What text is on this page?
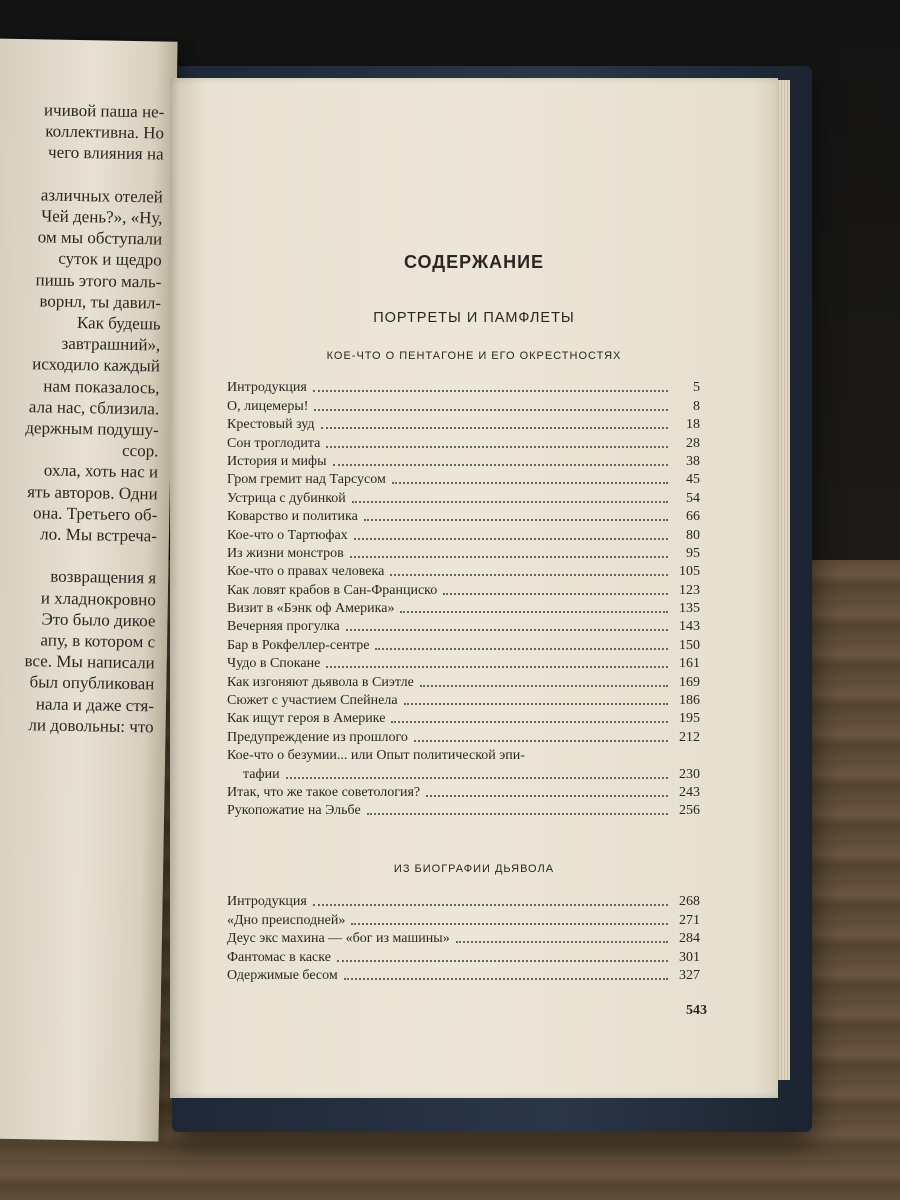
ичивой паша не-
коллективна. Но
чего влияния на

азличных отелей
Чей день?», «Ну,
ом мы обступали
суток и щедро
пишь этого маль-
ворнл, ты давил-
Как будешь
завтрашний»,
исходило каждый
нам показалось,
ала нас, сблизила.
держным подушу-
ссор.
охла, хоть нас и
ять авторов. Одни
она. Третьего об-
ло. Мы встреча-

возвращения я
и хладнокровно
Это было дикое
апу, в котором с
все. Мы написали
был опубликован
нала и даже стя-
ли довольны: что
СОДЕРЖАНИЕ
ПОРТРЕТЫ И ПАМФЛЕТЫ
КОЕ-ЧТО О ПЕНТАГОНЕ И ЕГО ОКРЕСТНОСТЯХ
Интродукция	5
О, лицемеры!	8
Крестовый зуд	18
Сон троглодита	28
История и мифы	38
Гром гремит над Тарсусом	45
Устрица с дубинкой	54
Коварство и политика	66
Кое-что о Тартюфах	80
Из жизни монстров	95
Кое-что о правах человека	105
Как ловят крабов в Сан-Франциско	123
Визит в «Бэнк оф Америка»	135
Вечерняя прогулка	143
Бар в Рокфеллер-сентре	150
Чудо в Спокане	161
Как изгоняют дьявола в Сиэтле	169
Сюжет с участием Спейнела	186
Как ищут героя в Америке	195
Предупреждение из прошлого	212
Кое-что о безумии... или Опыт политической эпи-
тафии	230
Итак, что же такое советология?	243
Рукопожатие на Эльбе	256
ИЗ БИОГРАФИИ ДЬЯВОЛА
Интродукция	268
«Дно преисподней»	271
Деус экс махина — «бог из машины»	284
Фантомас в каске	301
Одержимые бесом	327
543
